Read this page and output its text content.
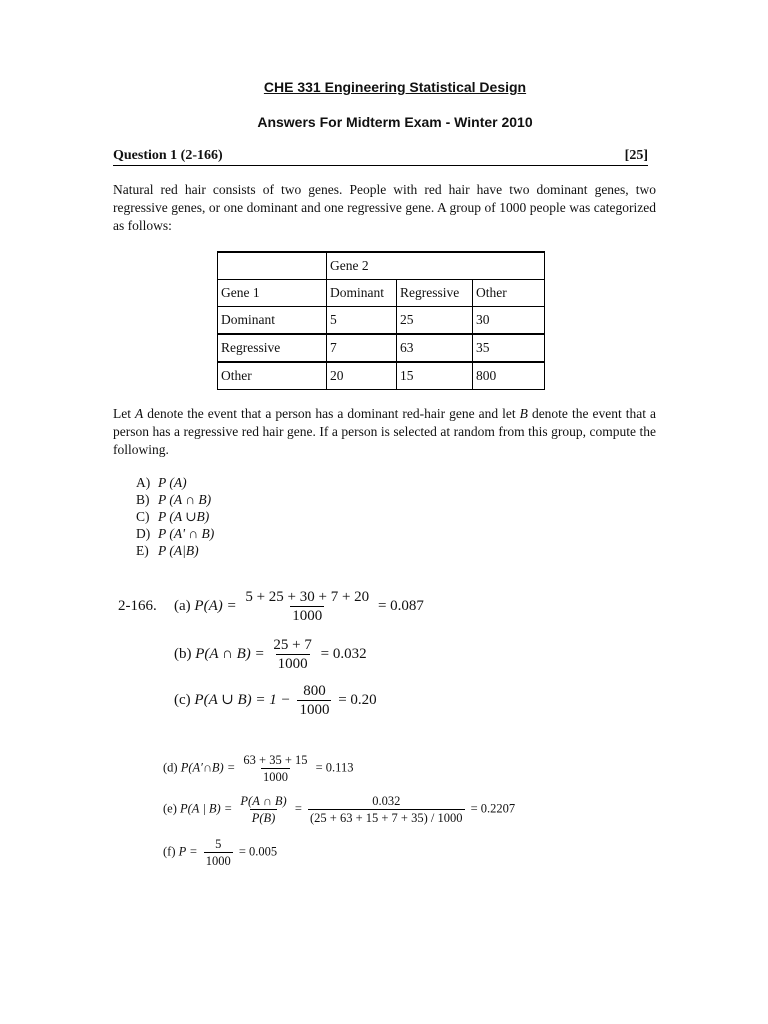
CHE 331 Engineering Statistical Design
Answers For Midterm Exam - Winter 2010
Question 1 (2-166)	[25]
Natural red hair consists of two genes. People with red hair have two dominant genes, two regressive genes, or one dominant and one regressive gene. A group of 1000 people was categorized as follows:
	Gene 2		
Gene 1	Dominant	Regressive	Other
Dominant	5	25	30
Regressive	7	63	35
Other	20	15	800
Let A denote the event that a person has a dominant red-hair gene and let B denote the event that a person has a regressive red hair gene. If a person is selected at random from this group, compute the following.
A) P (A)
B) P (A ∩ B)
C) P (A ∪B)
D) P (A' ∩ B)
E) P (A|B)
2-166. (a) $P(A) = \frac{5 + 25 + 30 + 7 + 20}{1000} = 0.087$
(b) P(A ∩ $B) = \frac{25 + 7}{1000} = 0.032$
(c) P(A ∪ $B) = 1 - \frac{800}{1000} = 0.20$
(d) P(A′∩B) = $\frac{63 + 35 + 15}{1000} = 0.113$
(e) P(A | $B) = \frac{P(A \cap B)}{P(B)} = \frac{0.032}{(25 + 63 + 15 + 7 + 35) / 1000} = 0.2207$
(f) $P = \frac{5}{1000} = 0.005$
